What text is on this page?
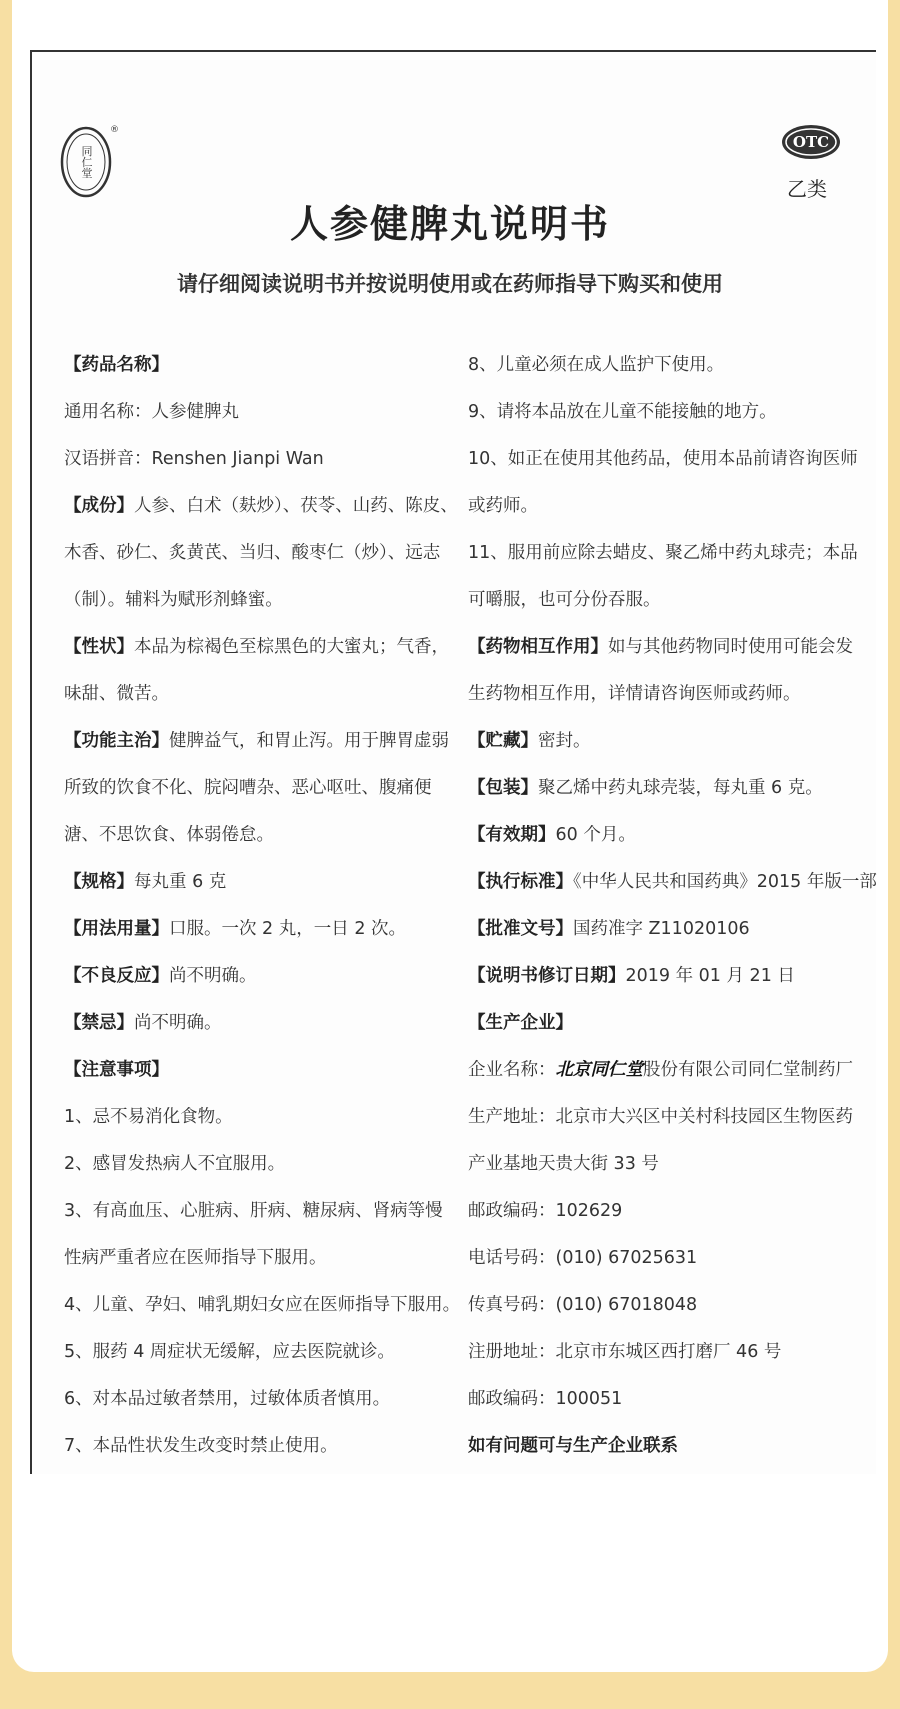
同仁堂
®
OTC
乙类
人参健脾丸说明书
请仔细阅读说明书并按说明使用或在药师指导下购买和使用
【药品名称】
通用名称：人参健脾丸
汉语拼音：Renshen Jianpi Wan
【成份】人参、白术（麸炒）、茯苓、山药、陈皮、
木香、砂仁、炙黄芪、当归、酸枣仁（炒）、远志
（制）。辅料为赋形剂蜂蜜。
【性状】本品为棕褐色至棕黑色的大蜜丸；气香，
味甜、微苦。
【功能主治】健脾益气，和胃止泻。用于脾胃虚弱
所致的饮食不化、脘闷嘈杂、恶心呕吐、腹痛便
溏、不思饮食、体弱倦怠。
【规格】每丸重 6 克
【用法用量】口服。一次 2 丸，一日 2 次。
【不良反应】尚不明确。
【禁忌】尚不明确。
【注意事项】
1、忌不易消化食物。
2、感冒发热病人不宜服用。
3、有高血压、心脏病、肝病、糖尿病、肾病等慢
性病严重者应在医师指导下服用。
4、儿童、孕妇、哺乳期妇女应在医师指导下服用。
5、服药 4 周症状无缓解，应去医院就诊。
6、对本品过敏者禁用，过敏体质者慎用。
7、本品性状发生改变时禁止使用。
8、儿童必须在成人监护下使用。
9、请将本品放在儿童不能接触的地方。
10、如正在使用其他药品，使用本品前请咨询医师
或药师。
11、服用前应除去蜡皮、聚乙烯中药丸球壳；本品
可嚼服，也可分份吞服。
【药物相互作用】如与其他药物同时使用可能会发
生药物相互作用，详情请咨询医师或药师。
【贮藏】密封。
【包装】聚乙烯中药丸球壳装，每丸重 6 克。
【有效期】60 个月。
【执行标准】《中华人民共和国药典》2015 年版一部
【批准文号】国药准字 Z11020106
【说明书修订日期】2019 年 01 月 21 日
【生产企业】
企业名称：北京同仁堂股份有限公司同仁堂制药厂
生产地址：北京市大兴区中关村科技园区生物医药
产业基地天贵大街 33 号
邮政编码：102629
电话号码：(010) 67025631
传真号码：(010) 67018048
注册地址：北京市东城区西打磨厂 46 号
邮政编码：100051
如有问题可与生产企业联系
